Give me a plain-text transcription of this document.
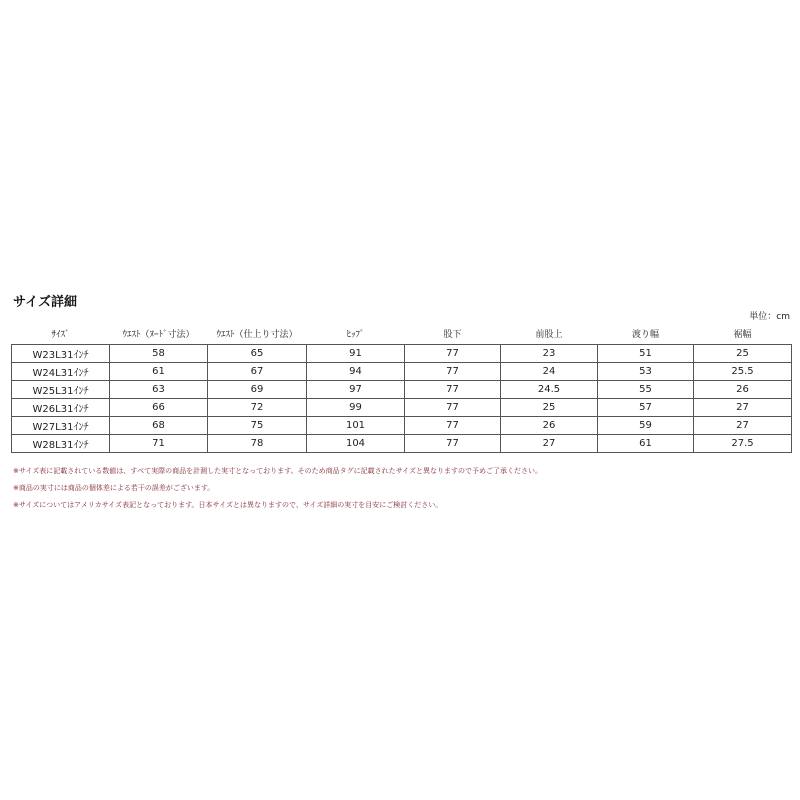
サイズ詳細
単位：cm
ｻｲｽﾞ	ｳｴｽﾄ（ﾇｰﾄﾞ寸法）	ｳｴｽﾄ（仕上り寸法）	ﾋｯﾌﾟ	股下	前股上	渡り幅	裾幅
W23L31ｲﾝﾁ	58	65	91	77	23	51	25
W24L31ｲﾝﾁ	61	67	94	77	24	53	25.5
W25L31ｲﾝﾁ	63	69	97	77	24.5	55	26
W26L31ｲﾝﾁ	66	72	99	77	25	57	27
W27L31ｲﾝﾁ	68	75	101	77	26	59	27
W28L31ｲﾝﾁ	71	78	104	77	27	61	27.5
※サイズ表に記載されている数値は、すべて実際の商品を計測した実寸となっております。そのため商品タグに記載されたサイズと異なりますので予めご了承ください。
※商品の実寸には商品の個体差による若干の誤差がございます。
※サイズについてはアメリカサイズ表記となっております。日本サイズとは異なりますので、サイズ詳細の実寸を目安にご検討ください。
